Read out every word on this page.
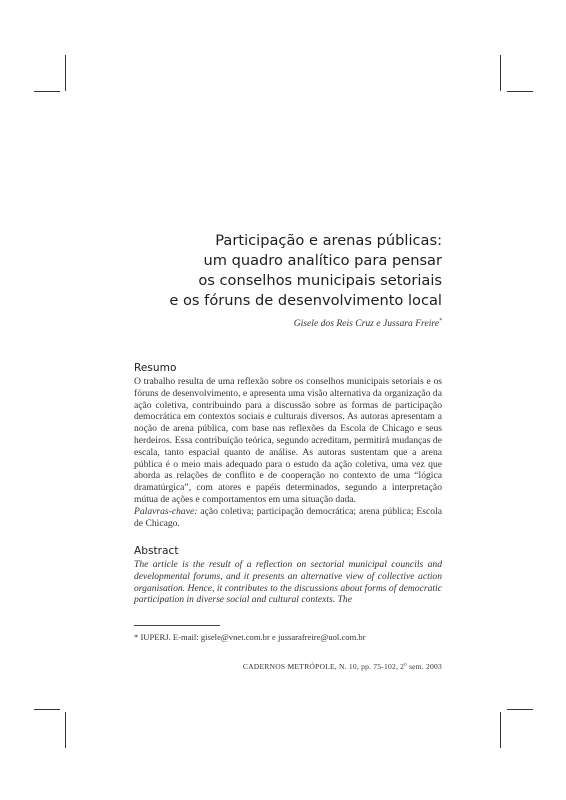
Participação e arenas públicas:
um quadro analítico para pensar
os conselhos municipais setoriais
e os fóruns de desenvolvimento local
Gisele dos Reis Cruz e Jussara Freire*
Resumo

O trabalho resulta de uma reflexão sobre os conselhos municipais setoriais e os fóruns de desenvolvimento, e apresenta uma visão alternativa da organização da ação coletiva, contribuindo para a discussão sobre as formas de participação democrática em contextos sociais e culturais diversos. As autoras apresentam a noção de arena pública, com base nas reflexões da Escola de Chicago e seus herdeiros. Essa contribuição teórica, segundo acreditam, permitirá mudanças de escala, tanto espacial quanto de análise. As autoras sustentam que a arena pública é o meio mais adequado para o estudo da ação coletiva, uma vez que aborda as relações de conflito e de cooperação no contexto de uma “lógica dramatúrgica”, com atores e papéis determinados, segundo a interpretação mútua de ações e comportamentos em uma situação dada.

Palavras-chave: ação coletiva; participação democrática; arena pública; Escola de Chicago.

Abstract

The article is the result of a reflection on sectorial municipal councils and developmental forums, and it presents an alternative view of collective action organisation. Hence, it contributes to the discussions about forms of democratic participation in diverse social and cultural contexts. The

* IUPERJ. E-mail: gisele@vnet.com.br e jussarafreire@uol.com.br
CADERNOS METRÓPOLE, N. 10, pp. 75-102, 2$^o$ sem. 2003
